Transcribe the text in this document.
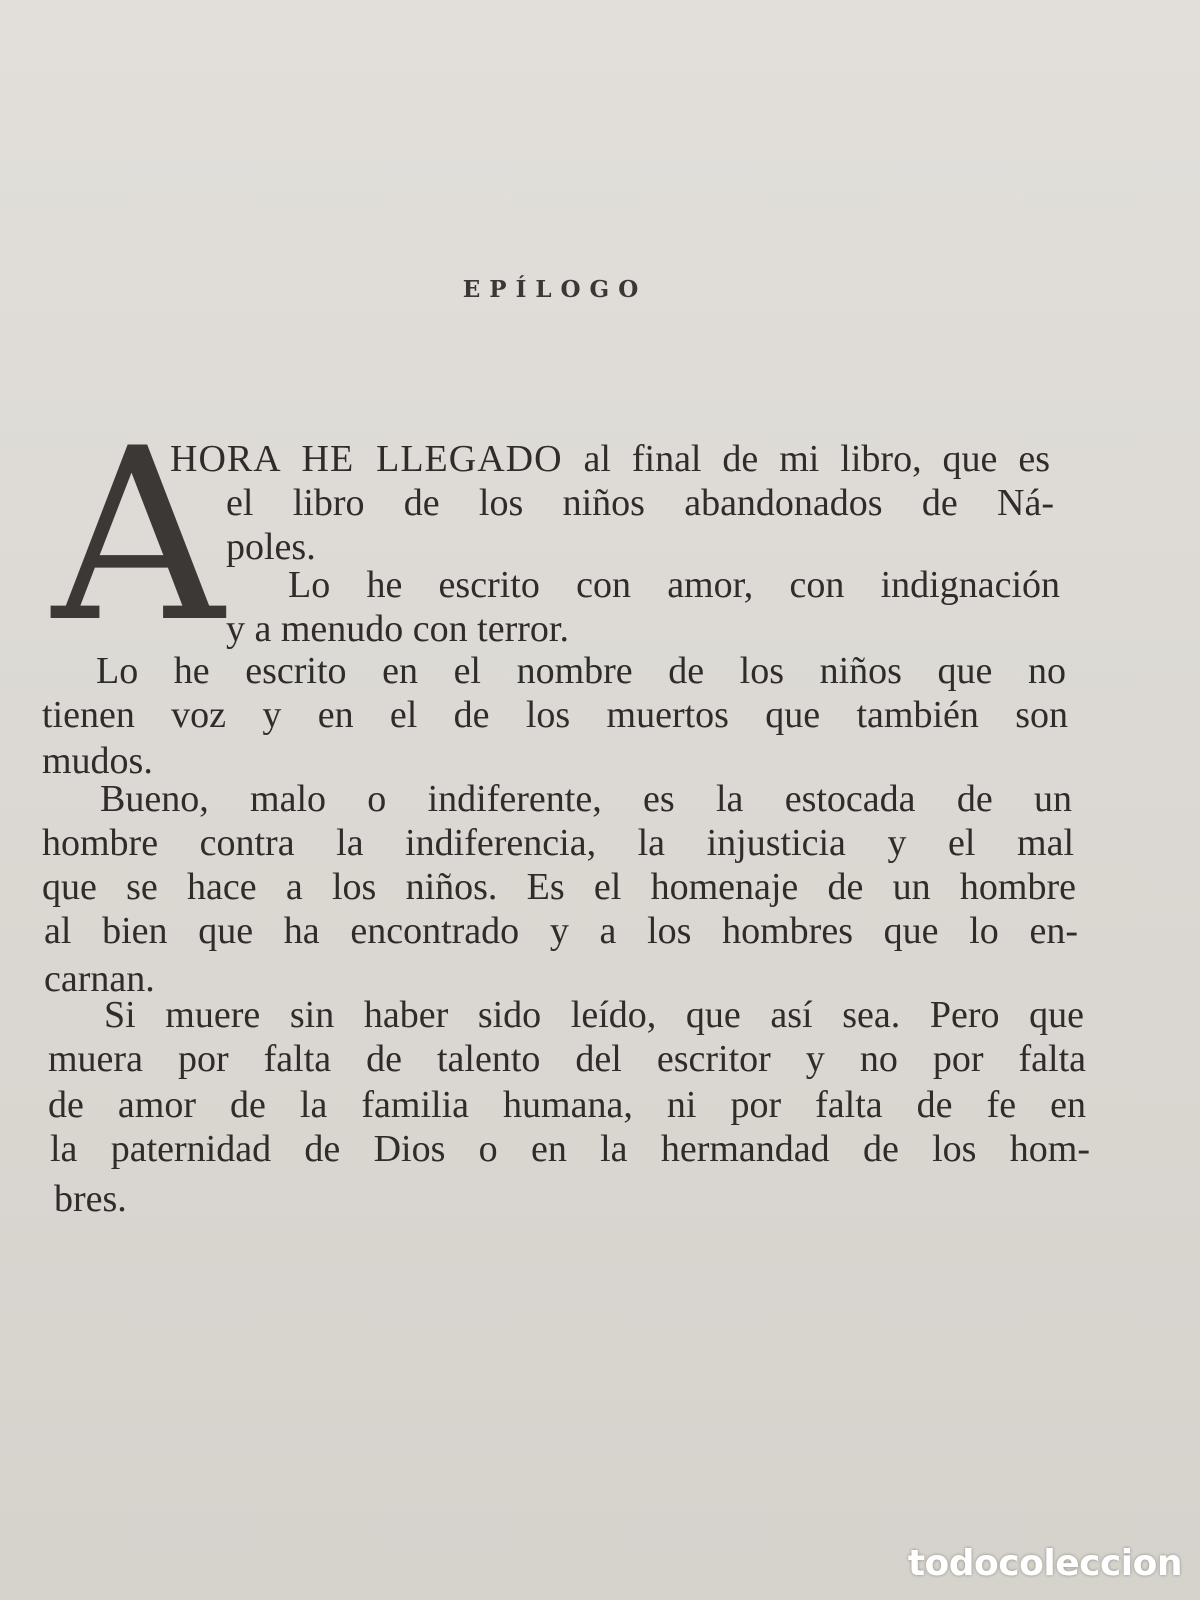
EPÍLOGO
A

HORA HE LLEGADO al final de mi libro, que es

el libro de los niños abandonados de Ná-

poles.

Lo he escrito con amor, con indignación

y a menudo con terror.

Lo he escrito en el nombre de los niños que no

tienen voz y en el de los muertos que también son

mudos.

Bueno, malo o indiferente, es la estocada de un

hombre contra la indiferencia, la injusticia y el mal

que se hace a los niños. Es el homenaje de un hombre

al bien que ha encontrado y a los hombres que lo en-

carnan.

Si muere sin haber sido leído, que así sea. Pero que

muera por falta de talento del escritor y no por falta

de amor de la familia humana, ni por falta de fe en

la paternidad de Dios o en la hermandad de los hom-

bres.

todocoleccion
